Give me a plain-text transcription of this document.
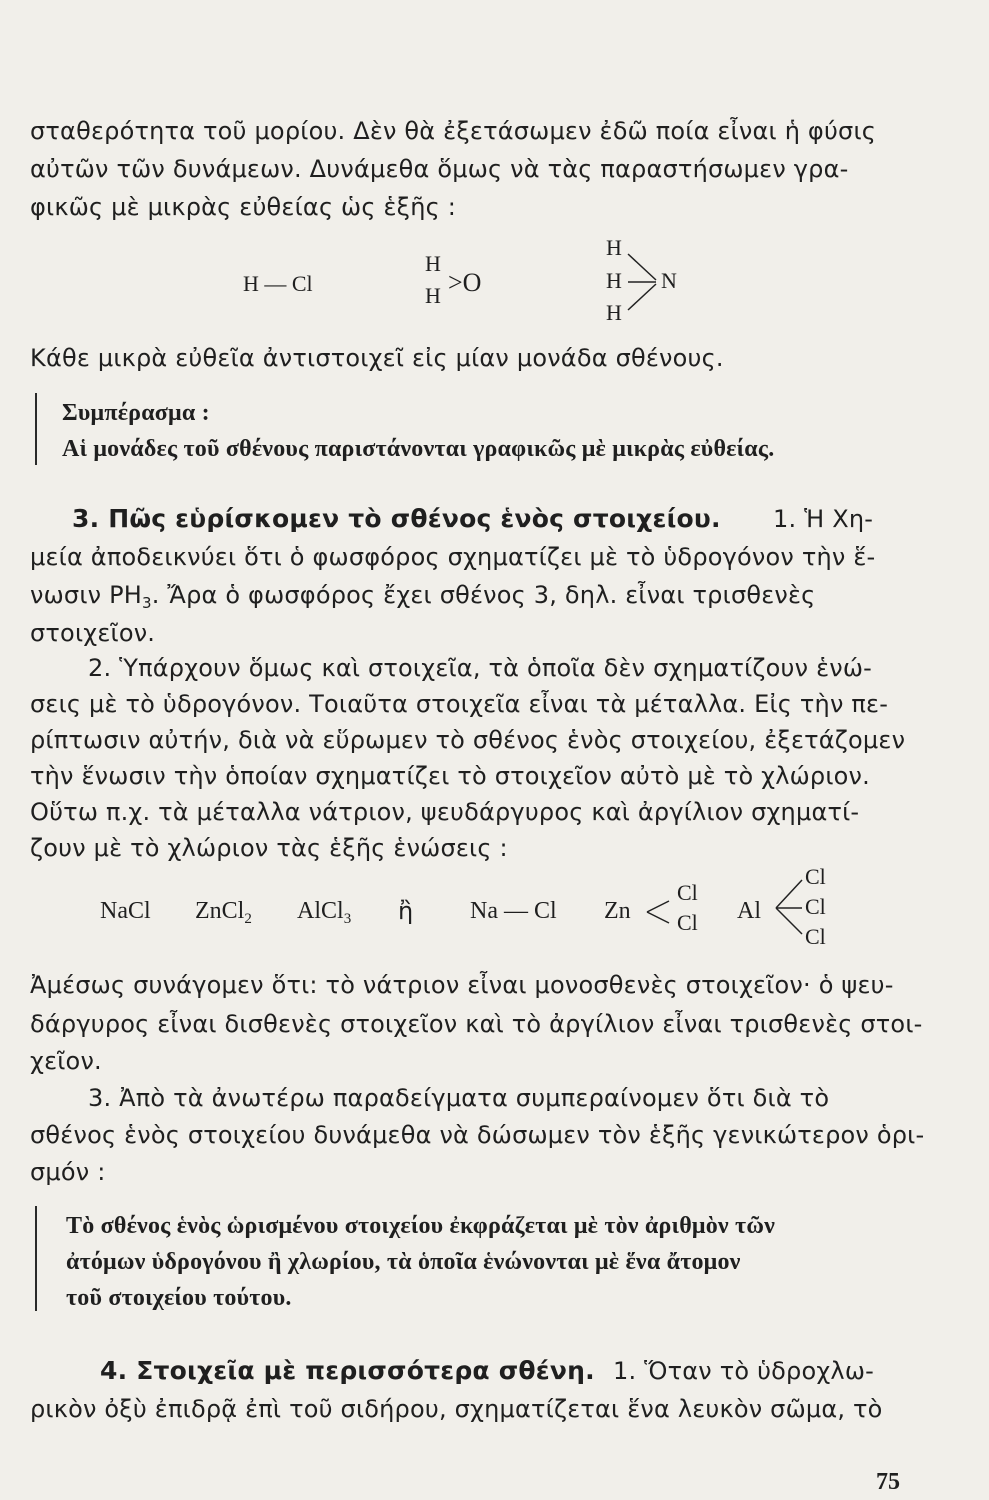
σταθερότητα τοῦ μορίου. Δὲν θὰ ἐξετάσωμεν ἐδῶ ποία εἶναι ἡ φύσις
αὐτῶν τῶν δυνάμεων. Δυνάμεθα ὅμως νὰ τὰς παραστήσωμεν γρα-
φικῶς μὲ μικρὰς εὐθείας ὡς ἑξῆς :
H — Cl
H
H >O
H
H
H
N
Κάθε μικρὰ εὐθεῖα ἀντιστοιχεῖ εἰς μίαν μονάδα σθένους.
Συμπέρασμα :
Αἱ μονάδες τοῦ σθένους παριστάνονται γραφικῶς μὲ μικρὰς εὐθείας.
3. Πῶς εὑρίσκομεν τὸ σθένος ἑνὸς στοιχείου. 1. Ἡ Χη-
μεία ἀποδεικνύει ὅτι ὁ φωσφόρος σχηματίζει μὲ τὸ ὑδρογόνον τὴν ἕ-
νωσιν $PH_3$. Ἄρα ὁ φωσφόρος ἔχει σθένος 3, δηλ. εἶναι τρισθενὲς
στοιχεῖον.
2. Ὑπάρχουν ὅμως καὶ στοιχεῖα, τὰ ὁποῖα δὲν σχηματίζουν ἑνώ-
σεις μὲ τὸ ὑδρογόνον. Τοιαῦτα στοιχεῖα εἶναι τὰ μέταλλα. Εἰς τὴν πε-
ρίπτωσιν αὐτήν, διὰ νὰ εὕρωμεν τὸ σθένος ἑνὸς στοιχείου, ἐξετάζομεν
τὴν ἕνωσιν τὴν ὁποίαν σχηματίζει τὸ στοιχεῖον αὐτὸ μὲ τὸ χλώριον.
Οὕτω π.χ. τὰ μέταλλα νάτριον, ψευδάργυρος καὶ ἀργίλιον σχηματί-
ζουν μὲ τὸ χλώριον τὰς ἑξῆς ἑνώσεις :
NaCl ZnCl$_2$ AlCl$_3$ ἢ Na — Cl Zn
Cl
Cl Al
Cl
Cl
Cl
Ἀμέσως συνάγομεν ὅτι: τὸ νάτριον εἶναι μονοσθενὲς στοιχεῖον· ὁ ψευ-
δάργυρος εἶναι δισθενὲς στοιχεῖον καὶ τὸ ἀργίλιον εἶναι τρισθενὲς στοι-
χεῖον.
3. Ἀπὸ τὰ ἀνωτέρω παραδείγματα συμπεραίνομεν ὅτι διὰ τὸ
σθένος ἑνὸς στοιχείου δυνάμεθα νὰ δώσωμεν τὸν ἑξῆς γενικώτερον ὁρι-
σμόν :
Τὸ σθένος ἑνὸς ὡρισμένου στοιχείου ἐκφράζεται μὲ τὸν ἀριθμὸν τῶν
ἀτόμων ὑδρογόνου ἢ χλωρίου, τὰ ὁποῖα ἑνώνονται μὲ ἕνα ἄτομον
τοῦ στοιχείου τούτου.
4. Στοιχεῖα μὲ περισσότερα σθένη. 1. Ὅταν τὸ ὑδροχλω-
ρικὸν ὀξὺ ἐπιδρᾷ ἐπὶ τοῦ σιδήρου, σχηματίζεται ἕνα λευκὸν σῶμα, τὸ
75
